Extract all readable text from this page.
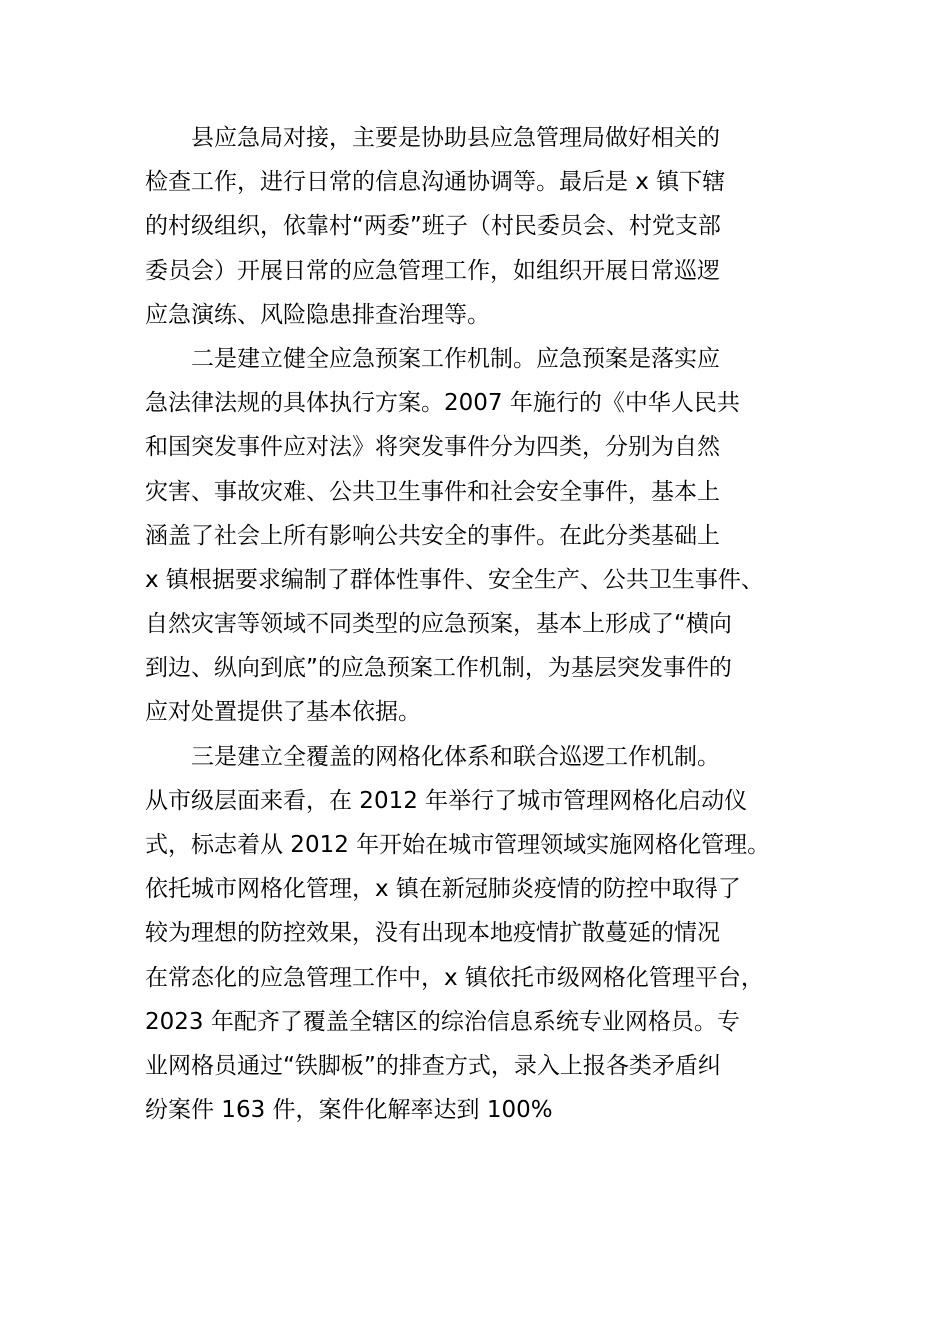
县应急局对接，主要是协助县应急管理局做好相关的
检查工作，进行日常的信息沟通协调等。最后是 x 镇下辖
的村级组织，依靠村“两委”班子（村民委员会、村党支部
委员会）开展日常的应急管理工作，如组织开展日常巡逻
应急演练、风险隐患排查治理等。
二是建立健全应急预案工作机制。应急预案是落实应
急法律法规的具体执行方案。2007 年施行的《中华人民共
和国突发事件应对法》将突发事件分为四类，分别为自然
灾害、事故灾难、公共卫生事件和社会安全事件，基本上
涵盖了社会上所有影响公共安全的事件。在此分类基础上
x 镇根据要求编制了群体性事件、安全生产、公共卫生事件、
自然灾害等领域不同类型的应急预案，基本上形成了“横向
到边、纵向到底”的应急预案工作机制，为基层突发事件的
应对处置提供了基本依据。
三是建立全覆盖的网格化体系和联合巡逻工作机制。
从市级层面来看，在 2012 年举行了城市管理网格化启动仪
式，标志着从 2012 年开始在城市管理领域实施网格化管理。
依托城市网格化管理，x 镇在新冠肺炎疫情的防控中取得了
较为理想的防控效果，没有出现本地疫情扩散蔓延的情况
在常态化的应急管理工作中，x 镇依托市级网格化管理平台，
2023 年配齐了覆盖全辖区的综治信息系统专业网格员。专
业网格员通过“铁脚板”的排查方式，录入上报各类矛盾纠
纷案件 163 件，案件化解率达到 100%
